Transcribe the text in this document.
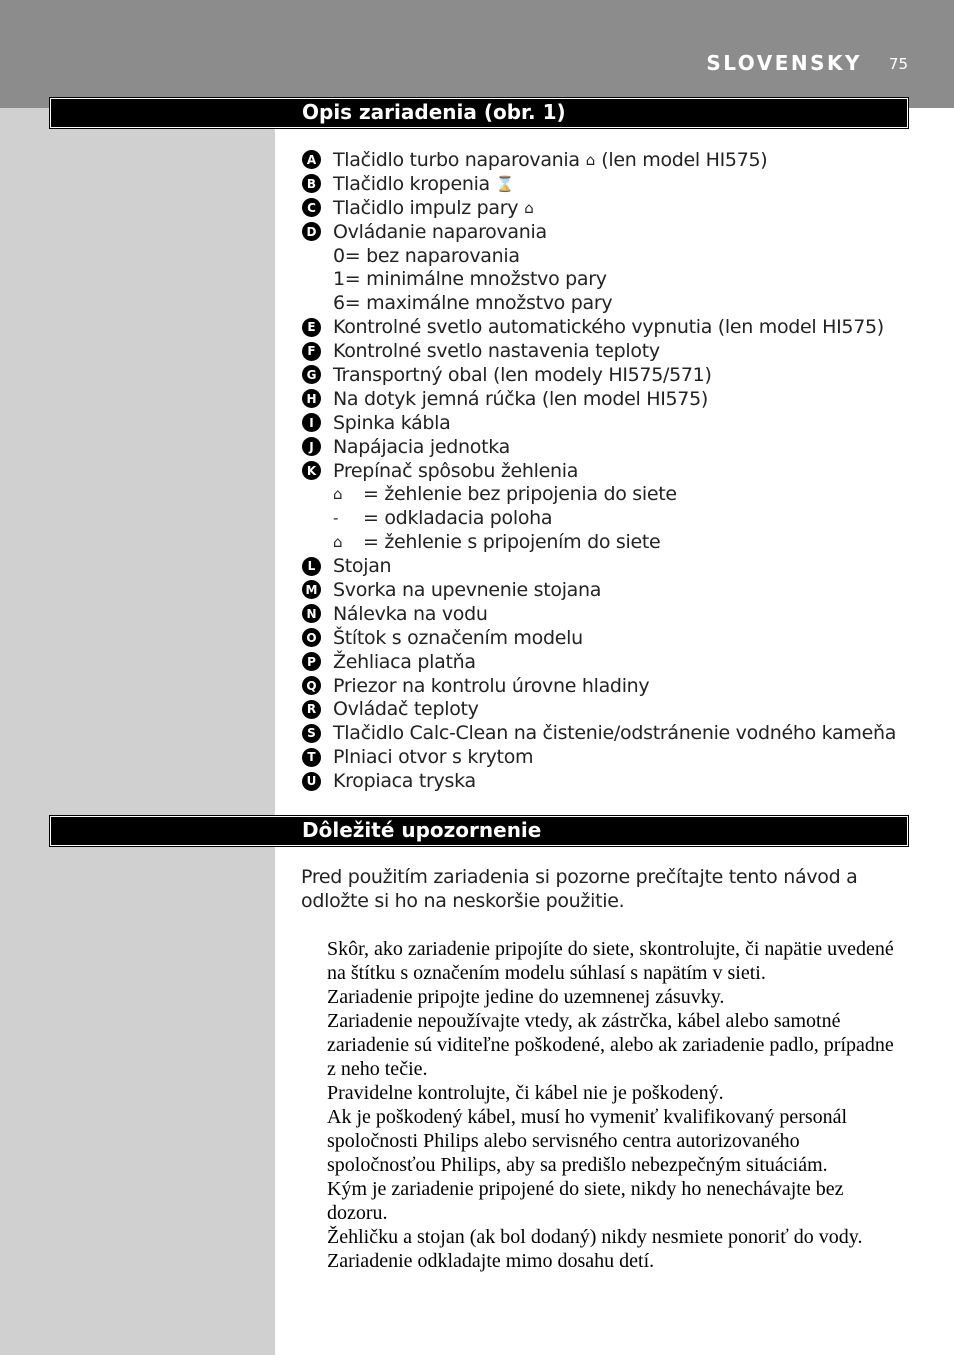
SLOVENSKY 75
Opis zariadenia (obr. 1)
A Tlačidlo turbo naparovania ⌂ (len model HI575)
B Tlačidlo kropenia ⌛
C Tlačidlo impulz pary ⌂
D Ovládanie naparovania
0= bez naparovania
1= minimálne množstvo pary
6= maximálne množstvo pary
E Kontrolné svetlo automatického vypnutia (len model HI575)
F Kontrolné svetlo nastavenia teploty
G Transportný obal (len modely HI575/571)
H Na dotyk jemná rúčka (len model HI575)
I	Spinka kábla
J	Napájacia jednotka
K Prepínač spôsobu žehlenia
⌂	= žehlenie bez pripojenia do siete
-	= odkladacia poloha
⌂	= žehlenie s pripojením do siete
L Stojan
M Svorka na upevnenie stojana
N Nálevka na vodu
O Štítok s označením modelu
P Žehliaca platňa
Q Priezor na kontrolu úrovne hladiny
R Ovládač teploty
S Tlačidlo Calc-Clean na čistenie/odstránenie vodného kameňa
T Plniaci otvor s krytom
U Kropiaca tryska
Dôležité upozornenie
Pred použitím zariadenia si pozorne prečítajte tento návod a odložte si ho na neskoršie použitie.

Skôr, ako zariadenie pripojíte do siete, skontrolujte, či napätie uvedené na štítku s označením modelu súhlasí s napätím v sieti.

Zariadenie pripojte jedine do uzemnenej zásuvky.

Zariadenie nepoužívajte vtedy, ak zástrčka, kábel alebo samotné zariadenie sú viditeľne poškodené, alebo ak zariadenie padlo, prípadne z neho tečie.

Pravidelne kontrolujte, či kábel nie je poškodený.

Ak je poškodený kábel, musí ho vymeniť kvalifikovaný personál spoločnosti Philips alebo servisného centra autorizovaného spoločnosťou Philips, aby sa predišlo nebezpečným situáciám.

Kým je zariadenie pripojené do siete, nikdy ho nenechávajte bez dozoru.

Žehličku a stojan (ak bol dodaný) nikdy nesmiete ponoriť do vody.

Zariadenie odkladajte mimo dosahu detí.
